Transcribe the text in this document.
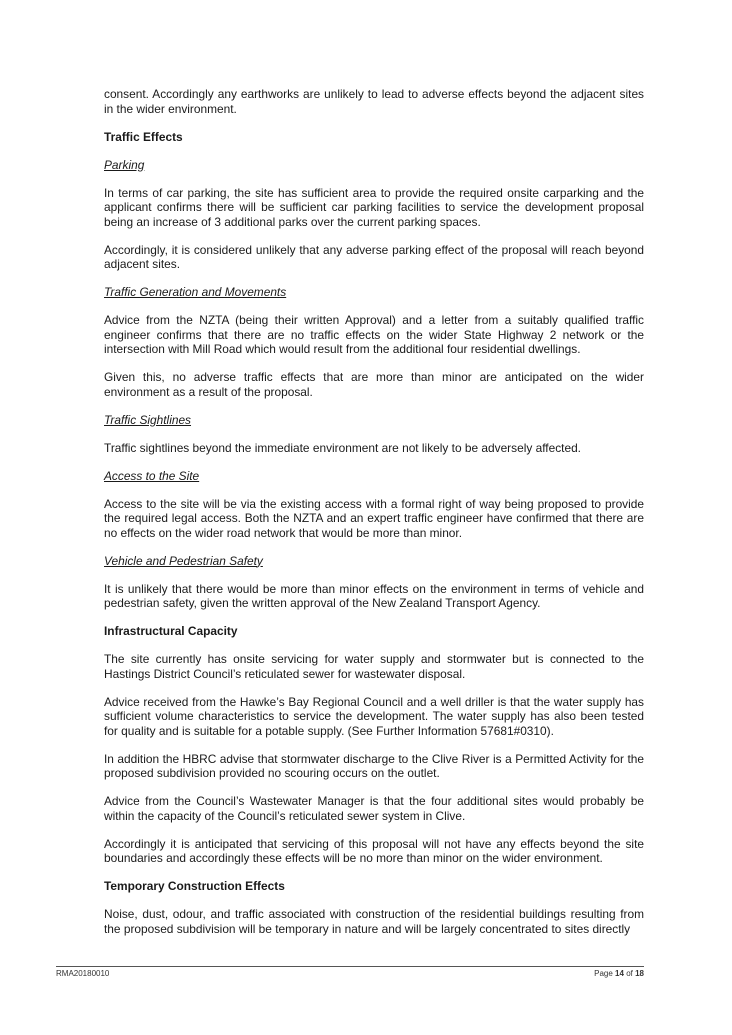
consent. Accordingly any earthworks are unlikely to lead to adverse effects beyond the adjacent sites in the wider environment.

Traffic Effects
Parking

In terms of car parking, the site has sufficient area to provide the required onsite carparking and the applicant confirms there will be sufficient car parking facilities to service the development proposal being an increase of 3 additional parks over the current parking spaces.

Accordingly, it is considered unlikely that any adverse parking effect of the proposal will reach beyond adjacent sites.

Traffic Generation and Movements

Advice from the NZTA (being their written Approval) and a letter from a suitably qualified traffic engineer confirms that there are no traffic effects on the wider State Highway 2 network or the intersection with Mill Road which would result from the additional four residential dwellings.

Given this, no adverse traffic effects that are more than minor are anticipated on the wider environment as a result of the proposal.

Traffic Sightlines

Traffic sightlines beyond the immediate environment are not likely to be adversely affected.

Access to the Site

Access to the site will be via the existing access with a formal right of way being proposed to provide the required legal access. Both the NZTA and an expert traffic engineer have confirmed that there are no effects on the wider road network that would be more than minor.

Vehicle and Pedestrian Safety

It is unlikely that there would be more than minor effects on the environment in terms of vehicle and pedestrian safety, given the written approval of the New Zealand Transport Agency.

Infrastructural Capacity

The site currently has onsite servicing for water supply and stormwater but is connected to the Hastings District Council’s reticulated sewer for wastewater disposal.

Advice received from the Hawke’s Bay Regional Council and a well driller is that the water supply has sufficient volume characteristics to service the development. The water supply has also been tested for quality and is suitable for a potable supply. (See Further Information 57681#0310).

In addition the HBRC advise that stormwater discharge to the Clive River is a Permitted Activity for the proposed subdivision provided no scouring occurs on the outlet.

Advice from the Council’s Wastewater Manager is that the four additional sites would probably be within the capacity of the Council’s reticulated sewer system in Clive.

Accordingly it is anticipated that servicing of this proposal will not have any effects beyond the site boundaries and accordingly these effects will be no more than minor on the wider environment.

Temporary Construction Effects

Noise, dust, odour, and traffic associated with construction of the residential buildings resulting from the proposed subdivision will be temporary in nature and will be largely concentrated to sites directly

RMA20180010	Page 14 of 18
